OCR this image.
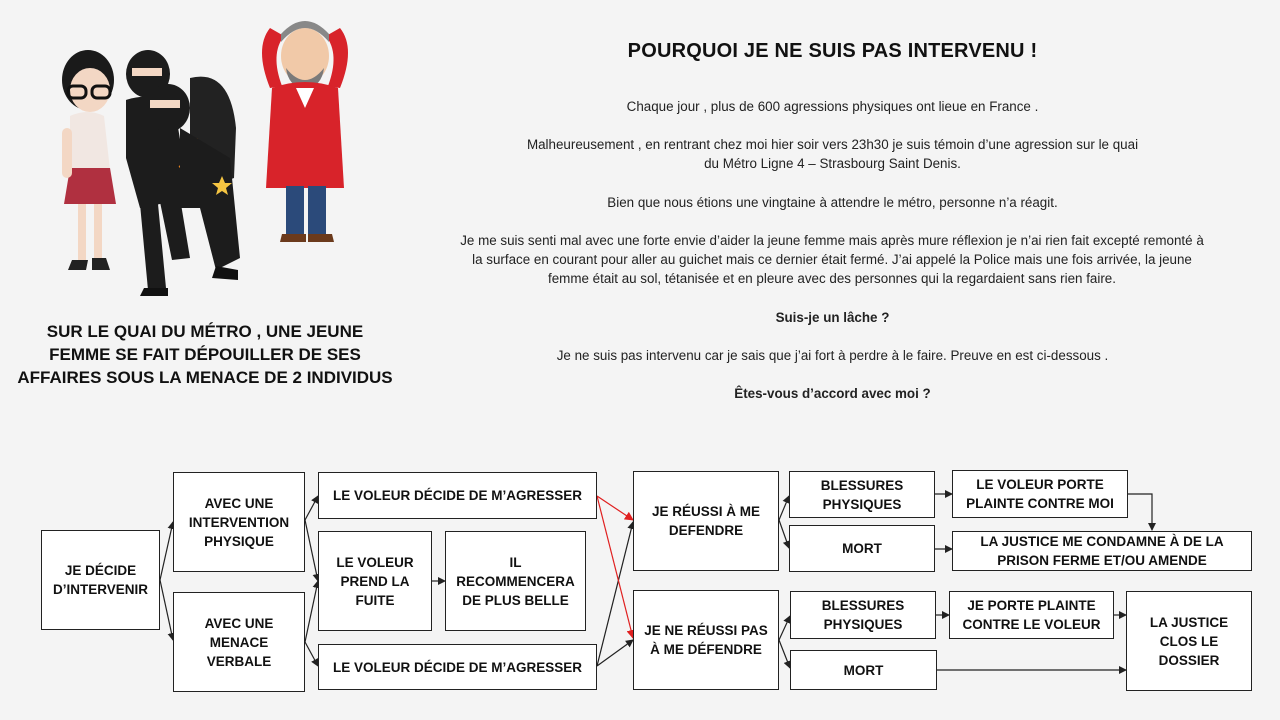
SUR LE QUAI DU MÉTRO , UNE JEUNE
FEMME SE FAIT DÉPOUILLER DE SES
AFFAIRES SOUS LA MENACE DE 2 INDIVIDUS
POURQUOI JE NE SUIS PAS INTERVENU !
Chaque jour , plus de 600 agressions physiques ont lieue en France .
Malheureusement , en rentrant chez moi hier soir vers 23h30 je suis témoin d’une agression sur le quai
du Métro Ligne 4 – Strasbourg Saint Denis.
Bien que nous étions une vingtaine à attendre le métro, personne n’a réagit.
Je me suis senti mal avec une forte envie d’aider la jeune femme mais après mure réflexion je n’ai rien fait excepté remonté à
la surface en courant pour aller au guichet mais ce dernier était fermé. J’ai appelé la Police mais une fois arrivée, la jeune
femme était au sol, tétanisée et en pleure avec des personnes qui la regardaient sans rien faire.
Suis-je un lâche ?
Je ne suis pas intervenu car je sais que j’ai fort à perdre à le faire. Preuve en est ci-dessous .
Êtes-vous d’accord avec moi ?
JE DÉCIDE D’INTERVENIR
AVEC UNE INTERVENTION PHYSIQUE
AVEC UNE MENACE VERBALE
LE VOLEUR DÉCIDE DE M’AGRESSER
LE VOLEUR PREND LA FUITE
IL RECOMMENCERA DE PLUS BELLE
LE VOLEUR DÉCIDE DE M’AGRESSER
JE RÉUSSI À ME DEFENDRE
JE NE RÉUSSI PAS À ME DÉFENDRE
BLESSURES PHYSIQUES
MORT
LE VOLEUR PORTE PLAINTE CONTRE MOI
LA JUSTICE ME CONDAMNE À DE LA PRISON FERME ET/OU AMENDE
BLESSURES PHYSIQUES
MORT
JE PORTE PLAINTE CONTRE LE VOLEUR	LA JUSTICE CLOS LE DOSSIER
